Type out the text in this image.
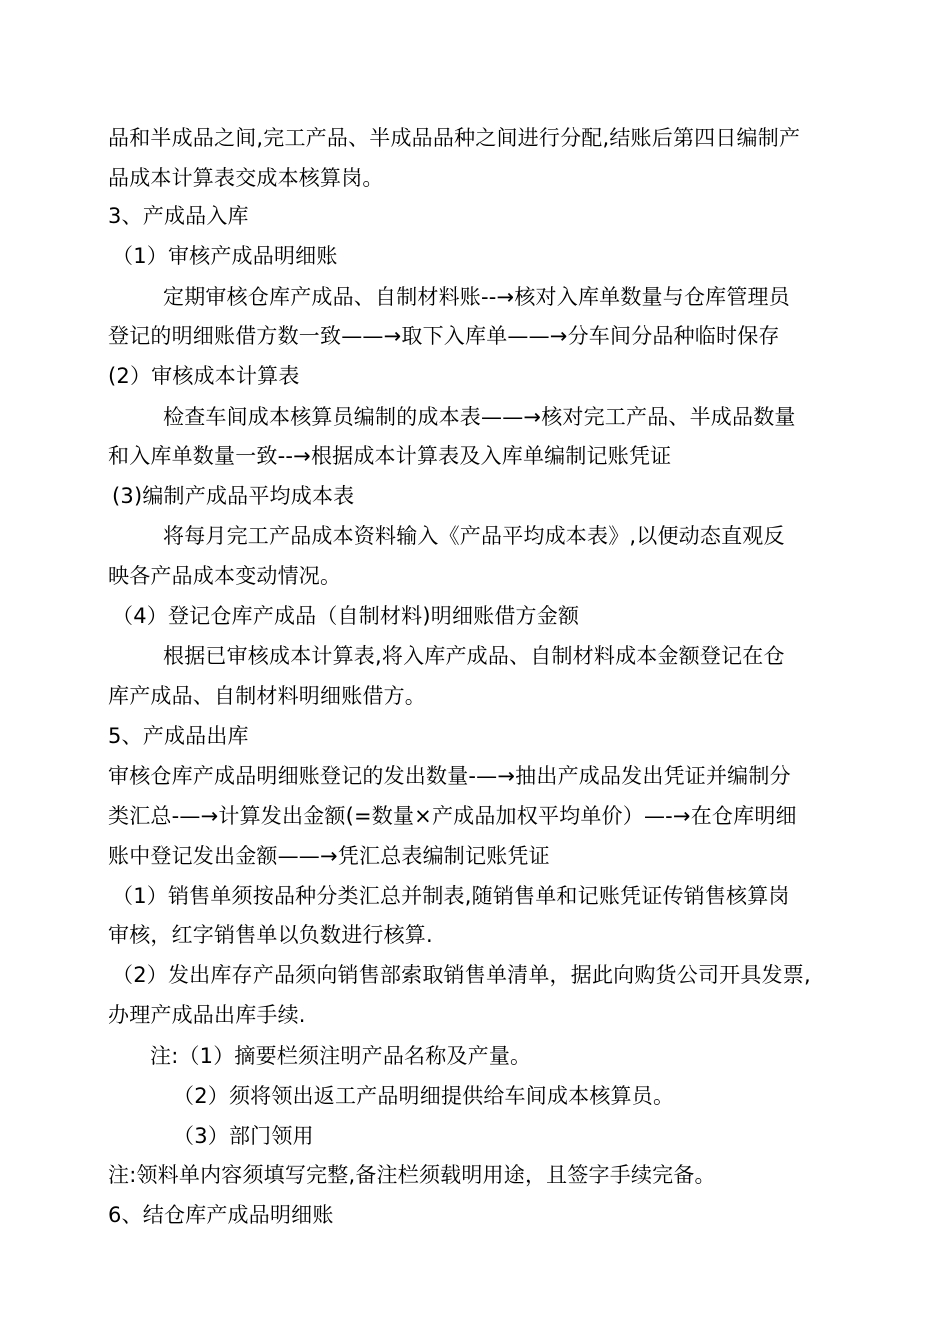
品和半成品之间,完工产品、半成品品种之间进行分配,结账后第四日编制产
品成本计算表交成本核算岗。
3、产成品入库
（1）审核产成品明细账
定期审核仓库产成品、自制材料账--→核对入库单数量与仓库管理员
登记的明细账借方数一致——→取下入库单——→分车间分品种临时保存
(2）审核成本计算表
检查车间成本核算员编制的成本表——→核对完工产品、半成品数量
和入库单数量一致--→根据成本计算表及入库单编制记账凭证
(3)编制产成品平均成本表
将每月完工产品成本资料输入《产品平均成本表》,以便动态直观反
映各产品成本变动情况。
（4）登记仓库产成品（自制材料)明细账借方金额
根据已审核成本计算表,将入库产成品、自制材料成本金额登记在仓
库产成品、自制材料明细账借方。
5、产成品出库
审核仓库产成品明细账登记的发出数量-—→抽出产成品发出凭证并编制分
类汇总-—→计算发出金额(=数量×产成品加权平均单价）—-→在仓库明细
账中登记发出金额——→凭汇总表编制记账凭证
（1）销售单须按品种分类汇总并制表,随销售单和记账凭证传销售核算岗
审核，红字销售单以负数进行核算.
（2）发出库存产品须向销售部索取销售单清单，据此向购货公司开具发票,
办理产成品出库手续.
注:（1）摘要栏须注明产品名称及产量。
（2）须将领出返工产品明细提供给车间成本核算员。
（3）部门领用
注:领料单内容须填写完整,备注栏须载明用途，且签字手续完备。
6、结仓库产成品明细账
